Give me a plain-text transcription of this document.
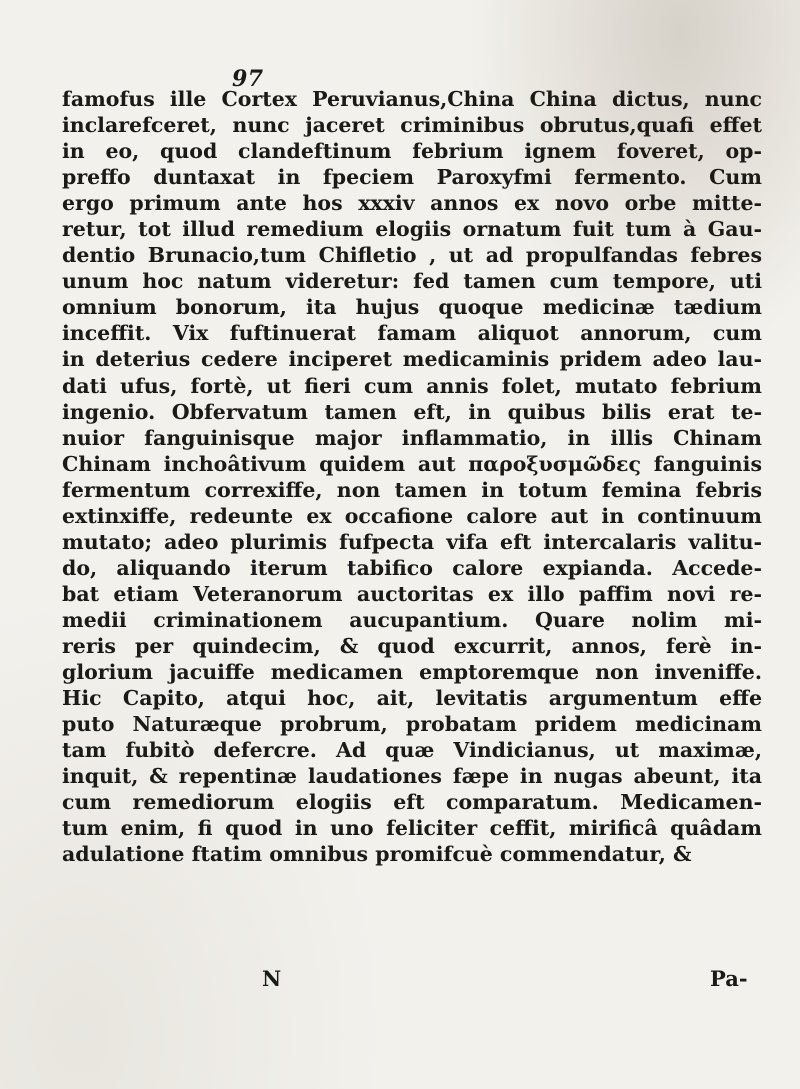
97
famofus ille Cortex Peruvianus,China China dictus, nunc
inclarefceret, nunc jaceret criminibus obrutus,quafi effet
in eo, quod clandeftinum febrium ignem foveret, op-
preffo duntaxat in fpeciem Paroxyfmi fermento. Cum
ergo primum ante hos xxxiv annos ex novo orbe mitte-
retur, tot illud remedium elogiis ornatum fuit tum à Gau-
dentio Brunacio,tum Chifletio , ut ad propulfandas febres
unum hoc natum videretur: fed tamen cum tempore, uti
omnium bonorum, ita hujus quoque medicinæ tædium
inceffit. Vix fuftinuerat famam aliquot annorum, cum
in deterius cedere inciperet medicaminis pridem adeo lau-
dati ufus, fortè, ut fieri cum annis folet, mutato febrium
ingenio. Obfervatum tamen eft, in quibus bilis erat te-
nuior fanguinisque major inflammatio, in illis Chinam
Chinam inchoâtivum quidem aut παροξυσμῶδες fanguinis
fermentum correxiffe, non tamen in totum femina febris
extinxiffe, redeunte ex occafione calore aut in continuum
mutato; adeo plurimis fufpecta vifa eft intercalaris valitu-
do, aliquando iterum tabifico calore expianda. Accede-
bat etiam Veteranorum auctoritas ex illo paffim novi re-
medii criminationem aucupantium. Quare nolim mi-
reris per quindecim, & quod excurrit, annos, ferè in-
glorium jacuiffe medicamen emptoremque non inveniffe.
Hic Capito, atqui hoc, ait, levitatis argumentum effe
puto Naturæque probrum, probatam pridem medicinam
tam fubitò defercre. Ad quæ Vindicianus, ut maximæ,
inquit, & repentinæ laudationes fæpe in nugas abeunt, ita
cum remediorum elogiis eft comparatum. Medicamen-
tum enim, fi quod in uno feliciter ceffit, mirificâ quâdam
adulatione ftatim omnibus promifcuè commendatur, &
N	Pa-
